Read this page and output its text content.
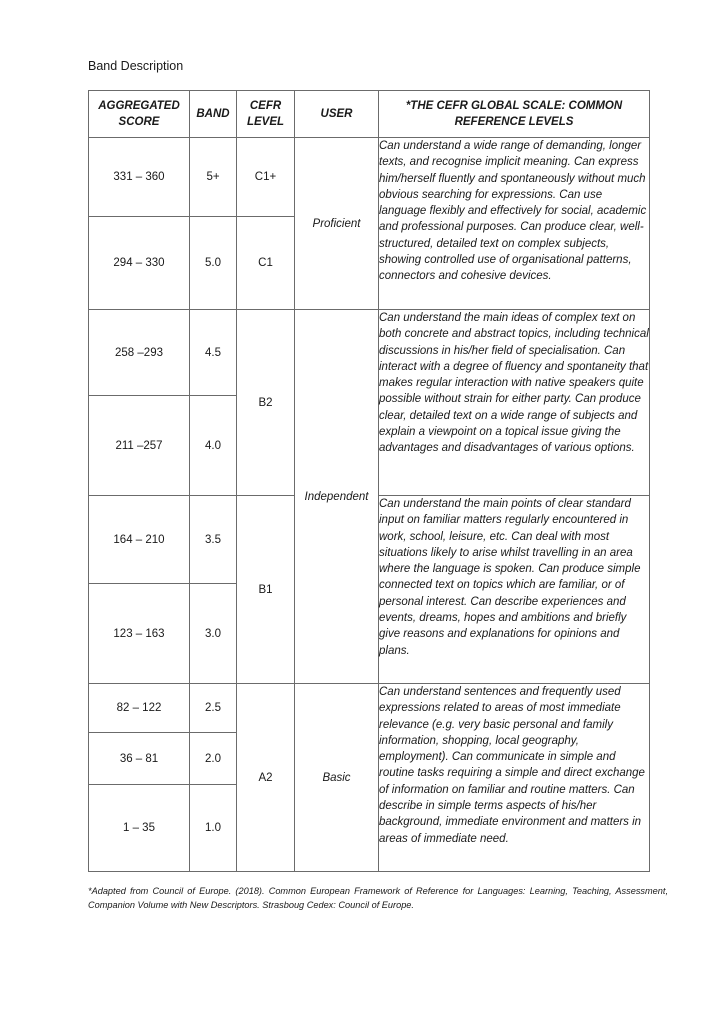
Band Description
AGGREGATED SCORE	BAND	CEFR LEVEL	USER	*THE CEFR GLOBAL SCALE: COMMON REFERENCE LEVELS
331 – 360	5+	C1+	Proficient	Can understand a wide range of demanding, longer texts, and recognise implicit meaning. Can express him/herself fluently and spontaneously without much obvious searching for expressions. Can use language flexibly and effectively for social, academic and professional purposes. Can produce clear, well-structured, detailed text on complex subjects, showing controlled use of organisational patterns, connectors and cohesive devices.
294 – 330	5.0	C1		
258 –293	4.5	B2	Independent	Can understand the main ideas of complex text on both concrete and abstract topics, including technical discussions in his/her field of specialisation. Can interact with a degree of fluency and spontaneity that makes regular interaction with native speakers quite possible without strain for either party. Can produce clear, detailed text on a wide range of subjects and explain a viewpoint on a topical issue giving the advantages and disadvantages of various options.
211 –257	4.0			
164 – 210	3.5	B1		Can understand the main points of clear standard input on familiar matters regularly encountered in work, school, leisure, etc. Can deal with most situations likely to arise whilst travelling in an area where the language is spoken. Can produce simple connected text on topics which are familiar, or of personal interest. Can describe experiences and events, dreams, hopes and ambitions and briefly give reasons and explanations for opinions and plans.
123 – 163	3.0			
82 – 122	2.5	A2	Basic	Can understand sentences and frequently used expressions related to areas of most immediate relevance (e.g. very basic personal and family information, shopping, local geography, employment). Can communicate in simple and routine tasks requiring a simple and direct exchange of information on familiar and routine matters. Can describe in simple terms aspects of his/her background, immediate environment and matters in areas of immediate need.
36 – 81	2.0			
1 – 35	1.0			
*Adapted from Council of Europe. (2018). Common European Framework of Reference for Languages: Learning, Teaching, Assessment, Companion Volume with New Descriptors. Strasboug Cedex: Council of Europe.
